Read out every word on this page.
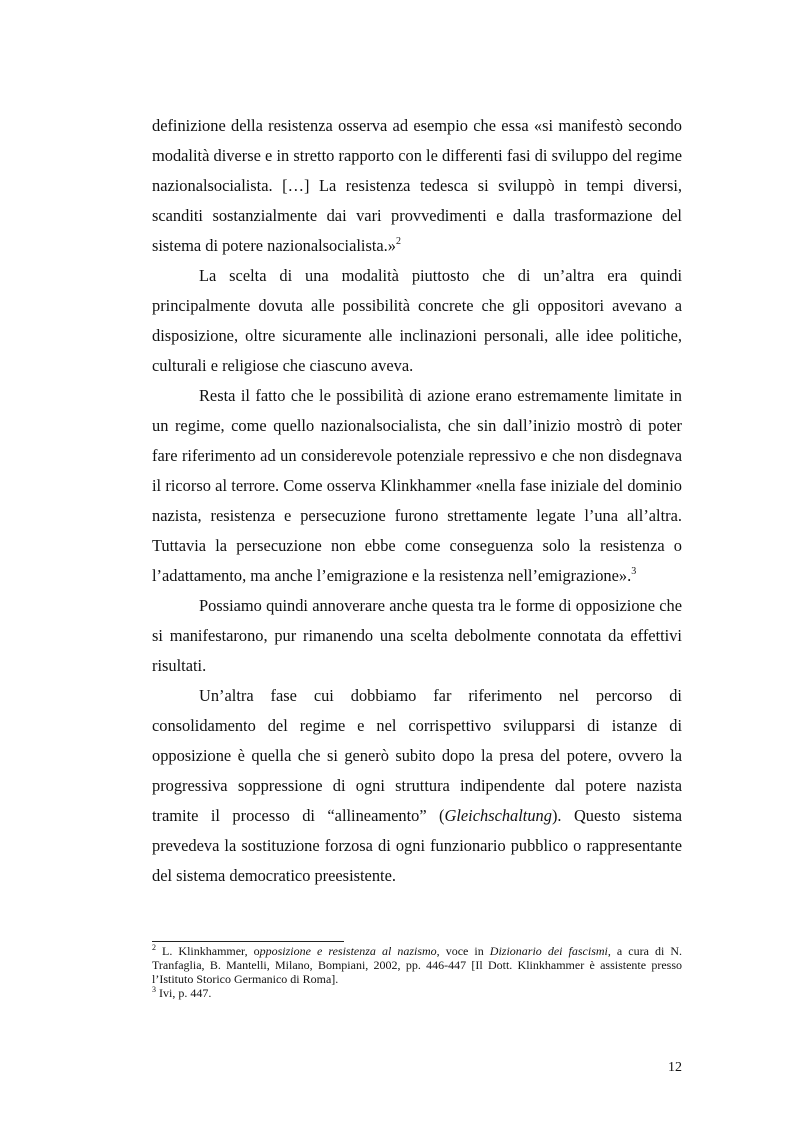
definizione della resistenza osserva ad esempio che essa «si manifestò secondo modalità diverse e in stretto rapporto con le differenti fasi di sviluppo del regime nazionalsocialista. […] La resistenza tedesca si sviluppò in tempi diversi, scanditi sostanzialmente dai vari provvedimenti e dalla trasformazione del sistema di potere nazionalsocialista.»$^2$

La scelta di una modalità piuttosto che di un’altra era quindi principalmente dovuta alle possibilità concrete che gli oppositori avevano a disposizione, oltre sicuramente alle inclinazioni personali, alle idee politiche, culturali e religiose che ciascuno aveva.

Resta il fatto che le possibilità di azione erano estremamente limitate in un regime, come quello nazionalsocialista, che sin dall’inizio mostrò di poter fare riferimento ad un considerevole potenziale repressivo e che non disdegnava il ricorso al terrore. Come osserva Klinkhammer «nella fase iniziale del dominio nazista, resistenza e persecuzione furono strettamente legate l’una all’altra. Tuttavia la persecuzione non ebbe come conseguenza solo la resistenza o l’adattamento, ma anche l’emigrazione e la resistenza nell’emigrazione».$^3$

Possiamo quindi annoverare anche questa tra le forme di opposizione che si manifestarono, pur rimanendo una scelta debolmente connotata da effettivi risultati.

Un’altra fase cui dobbiamo far riferimento nel percorso di consolidamento del regime e nel corrispettivo svilupparsi di istanze di opposizione è quella che si generò subito dopo la presa del potere, ovvero la progressiva soppressione di ogni struttura indipendente dal potere nazista tramite il processo di “allineamento” (Gleichschaltung). Questo sistema prevedeva la sostituzione forzosa di ogni funzionario pubblico o rappresentante del sistema democratico preesistente.

$^2$ L. Klinkhammer, opposizione e resistenza al nazismo, voce in Dizionario dei fascismi, a cura di N. Tranfaglia, B. Mantelli, Milano, Bompiani, 2002, pp. 446-447 [Il Dott. Klinkhammer è assistente presso l’Istituto Storico Germanico di Roma].

$^3$ Ivi, p. 447.

12
